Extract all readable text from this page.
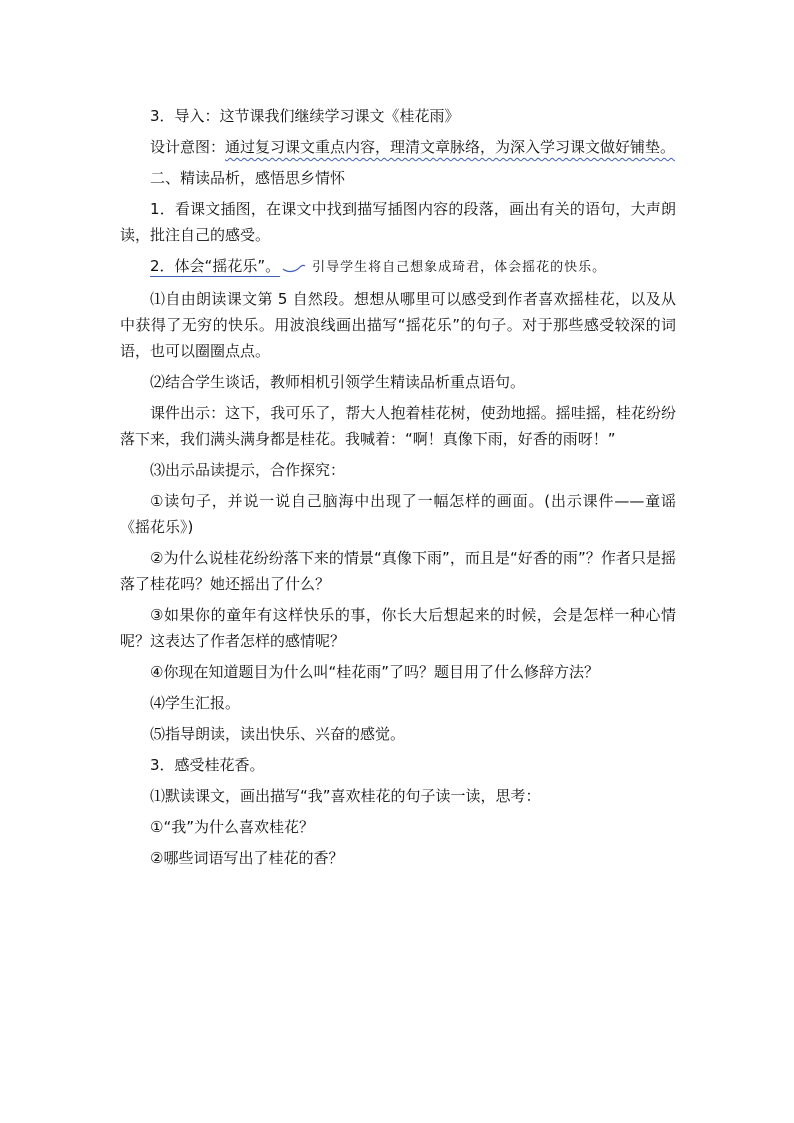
3．导入：这节课我们继续学习课文《桂花雨》

设计意图：通过复习课文重点内容，理清文章脉络，为深入学习课文做好铺垫。

二、精读品析，感悟思乡情怀

1．看课文插图，在课文中找到描写插图内容的段落，画出有关的语句，大声朗读，批注自己的感受。

2．体会“摇花乐”。 引导学生将自己想象成琦君，体会摇花的快乐。

⑴自由朗读课文第 5 自然段。想想从哪里可以感受到作者喜欢摇桂花，以及从中获得了无穷的快乐。用波浪线画出描写“摇花乐”的句子。对于那些感受较深的词语，也可以圈圈点点。

⑵结合学生谈话，教师相机引领学生精读品析重点语句。

课件出示：这下，我可乐了，帮大人抱着桂花树，使劲地摇。摇哇摇，桂花纷纷落下来，我们满头满身都是桂花。我喊着：“啊！真像下雨，好香的雨呀！”

⑶出示品读提示，合作探究：

①读句子，并说一说自己脑海中出现了一幅怎样的画面。(出示课件——童谣《摇花乐》)

②为什么说桂花纷纷落下来的情景“真像下雨”，而且是“好香的雨”？作者只是摇落了桂花吗？她还摇出了什么？

③如果你的童年有这样快乐的事，你长大后想起来的时候，会是怎样一种心情呢？这表达了作者怎样的感情呢？

④你现在知道题目为什么叫“桂花雨”了吗？题目用了什么修辞方法？

⑷学生汇报。

⑸指导朗读，读出快乐、兴奋的感觉。

3．感受桂花香。

⑴默读课文，画出描写“我”喜欢桂花的句子读一读，思考：

①“我”为什么喜欢桂花？

②哪些词语写出了桂花的香？
